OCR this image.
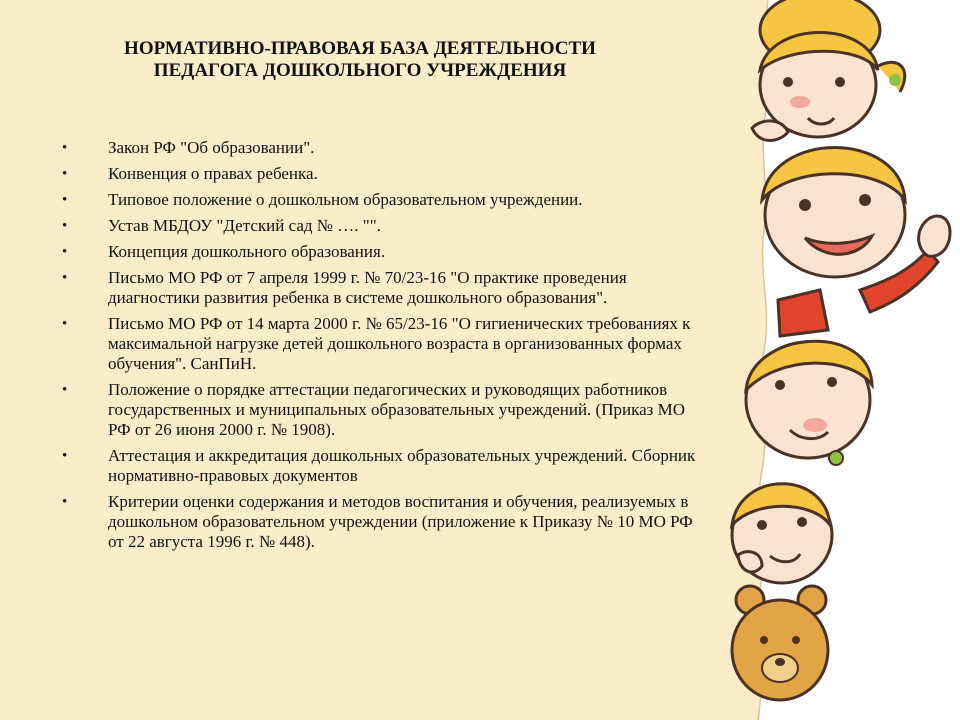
НОРМАТИВНО-ПРАВОВАЯ БАЗА ДЕЯТЕЛЬНОСТИ
ПЕДАГОГА ДОШКОЛЬНОГО УЧРЕЖДЕНИЯ
• Закон РФ "Об образовании".
• Конвенция о правах ребенка.
• Типовое положение о дошкольном образовательном учреждении.
• Устав МБДОУ "Детский сад № …. "".
• Концепция дошкольного образования.
• Письмо МО РФ от 7 апреля 1999 г. № 70/23-16 "О практике проведения диагностики развития ребенка в системе дошкольного образования".
• Письмо МО РФ от 14 марта 2000 г. № 65/23-16 "О гигиенических требованиях к максимальной нагрузке детей дошкольного возраста в организованных формах обучения". СанПиН.
• Положение о порядке аттестации педагогических и руководящих работников государственных и муниципальных образовательных учреждений. (Приказ МО РФ от 26 июня 2000 г. № 1908).
• Аттестация и аккредитация дошкольных образовательных учреждений. Сборник нормативно-правовых документов
• Критерии оценки содержания и методов воспитания и обучения, реализуемых в дошкольном образовательном учреждении (приложение к Приказу № 10 МО РФ от 22 августа 1996 г. № 448).
